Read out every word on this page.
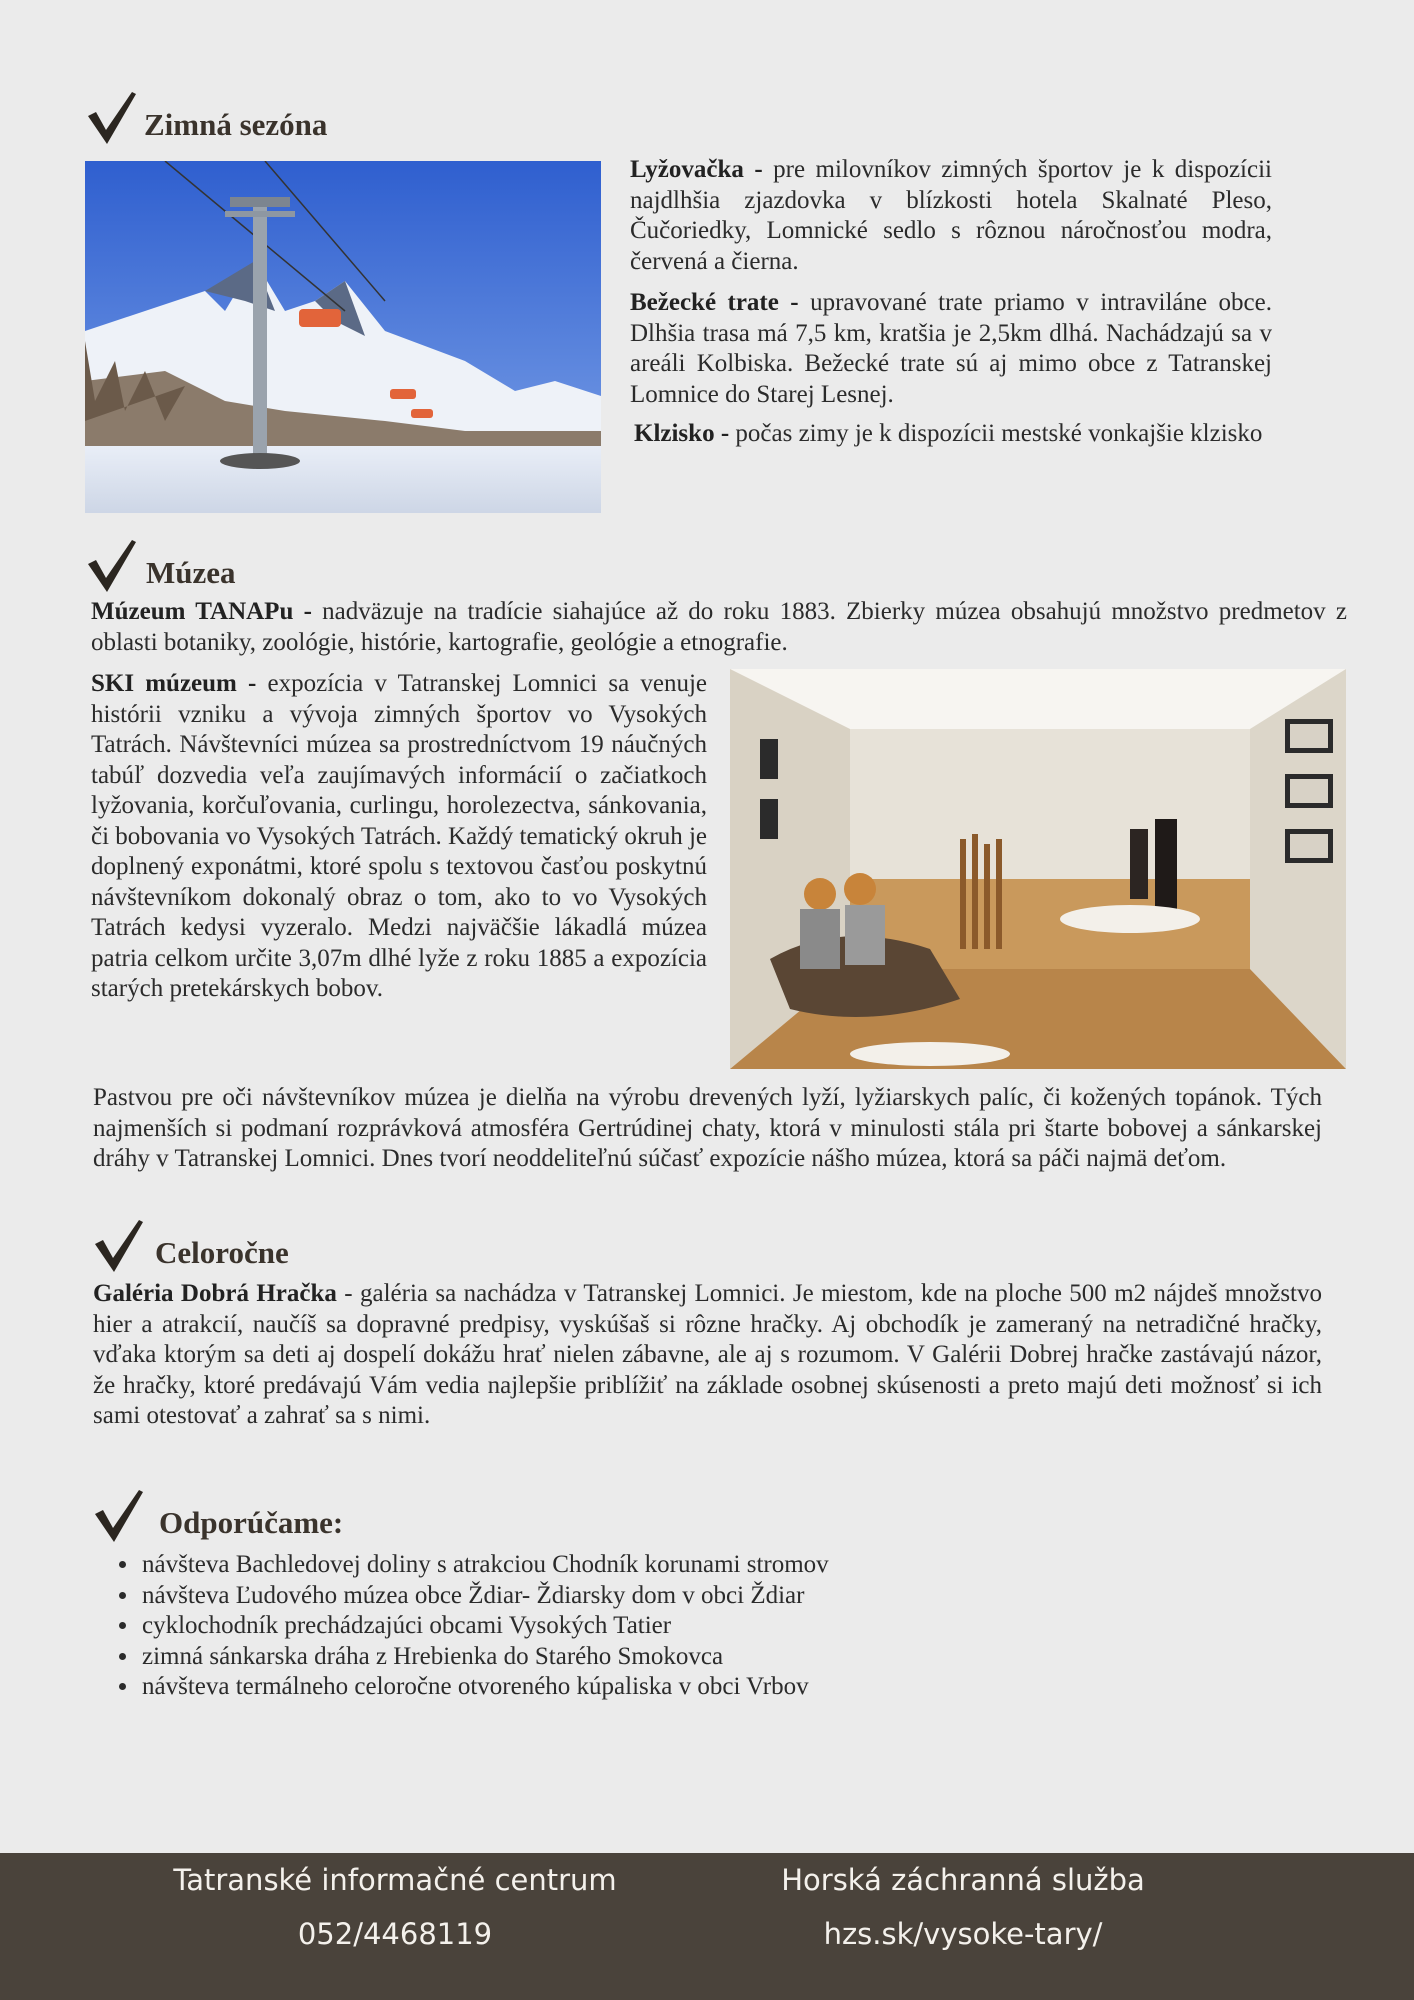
Zimná sezóna

Lyžovačka - pre milovníkov zimných športov je k dispozícii najdlhšia zjazdovka v blízkosti hotela Skalnaté Pleso, Čučoriedky, Lomnické sedlo s rôznou náročnosťou modra, červená a čierna.

Bežecké trate - upravované trate priamo v intraviláne obce. Dlhšia trasa má 7,5 km, kratšia je 2,5km dlhá. Nachádzajú sa v areáli Kolbiska. Bežecké trate sú aj mimo obce z Tatranskej Lomnice do Starej Lesnej.

Klzisko - počas zimy je k dispozícii mestské vonkajšie klzisko

Múzea

Múzeum TANAPu - nadväzuje na tradície siahajúce až do roku 1883. Zbierky múzea obsahujú množstvo predmetov z oblasti botaniky, zoológie, histórie, kartografie, geológie a etnografie.

SKI múzeum - expozícia v Tatranskej Lomnici sa venuje histórii vzniku a vývoja zimných športov vo Vysokých Tatrách. Návštevníci múzea sa prostredníctvom 19 náučných tabúľ dozvedia veľa zaujímavých informácií o začiatkoch lyžovania, korčuľovania, curlingu, horolezectva, sánkovania, či bobovania vo Vysokých Tatrách. Každý tematický okruh je doplnený exponátmi, ktoré spolu s textovou časťou poskytnú návštevníkom dokonalý obraz o tom, ako to vo Vysokých Tatrách kedysi vyzeralo. Medzi najväčšie lákadlá múzea patria celkom určite 3,07m dlhé lyže z roku 1885 a expozícia starých pretekárskych bobov.

Pastvou pre oči návštevníkov múzea je dielňa na výrobu drevených lyží, lyžiarskych palíc, či kožených topánok. Tých najmenších si podmaní rozprávková atmosféra Gertrúdinej chaty, ktorá v minulosti stála pri štarte bobovej a sánkarskej dráhy v Tatranskej Lomnici. Dnes tvorí neoddeliteľnú súčasť expozície nášho múzea, ktorá sa páči najmä deťom.

Celoročne

Galéria Dobrá Hračka - galéria sa nachádza v Tatranskej Lomnici. Je miestom, kde na ploche 500 m2 nájdeš množstvo hier a atrakcií, naučíš sa dopravné predpisy, vyskúšaš si rôzne hračky. Aj obchodík je zameraný na netradičné hračky, vďaka ktorým sa deti aj dospelí dokážu hrať nielen zábavne, ale aj s rozumom. V Galérii Dobrej hračke zastávajú názor, že hračky, ktoré predávajú Vám vedia najlepšie priblížiť na základe osobnej skúsenosti a preto majú deti možnosť si ich sami otestovať a zahrať sa s nimi.

Odporúčame:
• návšteva Bachledovej doliny s atrakciou Chodník korunami stromov
• návšteva Ľudového múzea obce Ždiar- Ždiarsky dom v obci Ždiar
• cyklochodník prechádzajúci obcami Vysokých Tatier
• zimná sánkarska dráha z Hrebienka do Starého Smokovca
• návšteva termálneho celoročne otvoreného kúpaliska v obci Vrbov
Tatranské informačné centrum
052/4468119
Horská záchranná služba
hzs.sk/vysoke-tary/
